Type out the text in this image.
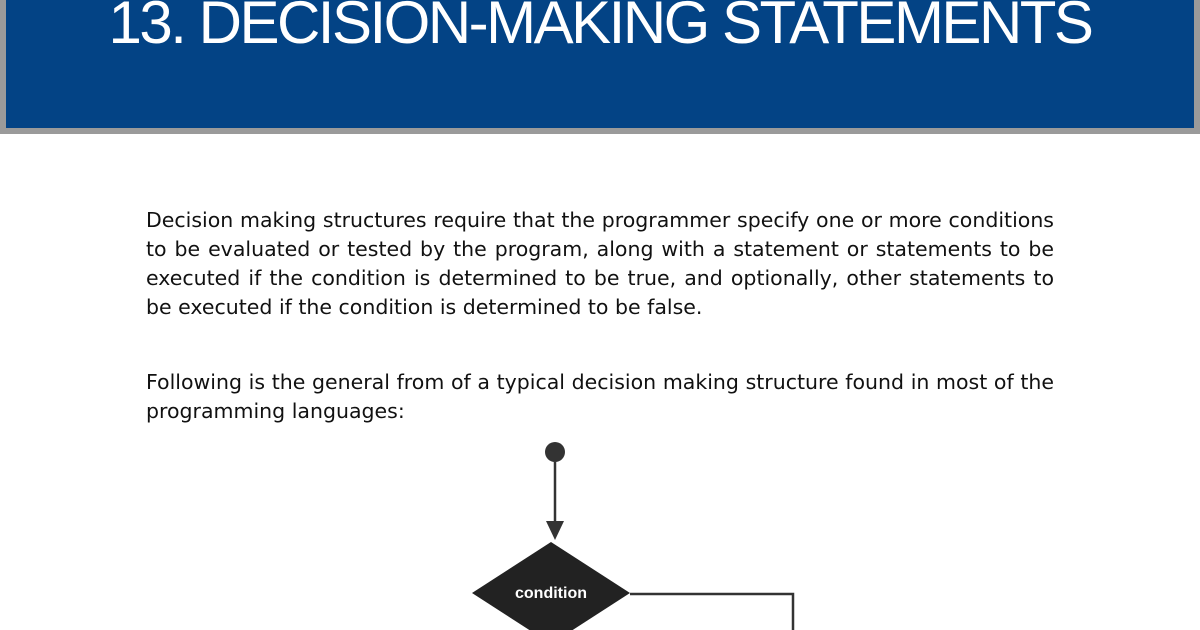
13. DECISION-MAKING STATEMENTS

Decision making structures require that the programmer specify one or more conditions to be evaluated or tested by the program, along with a statement or statements to be executed if the condition is determined to be true, and optionally, other statements to be executed if the condition is determined to be false.

Following is the general from of a typical decision making structure found in most of the programming languages:

condition
